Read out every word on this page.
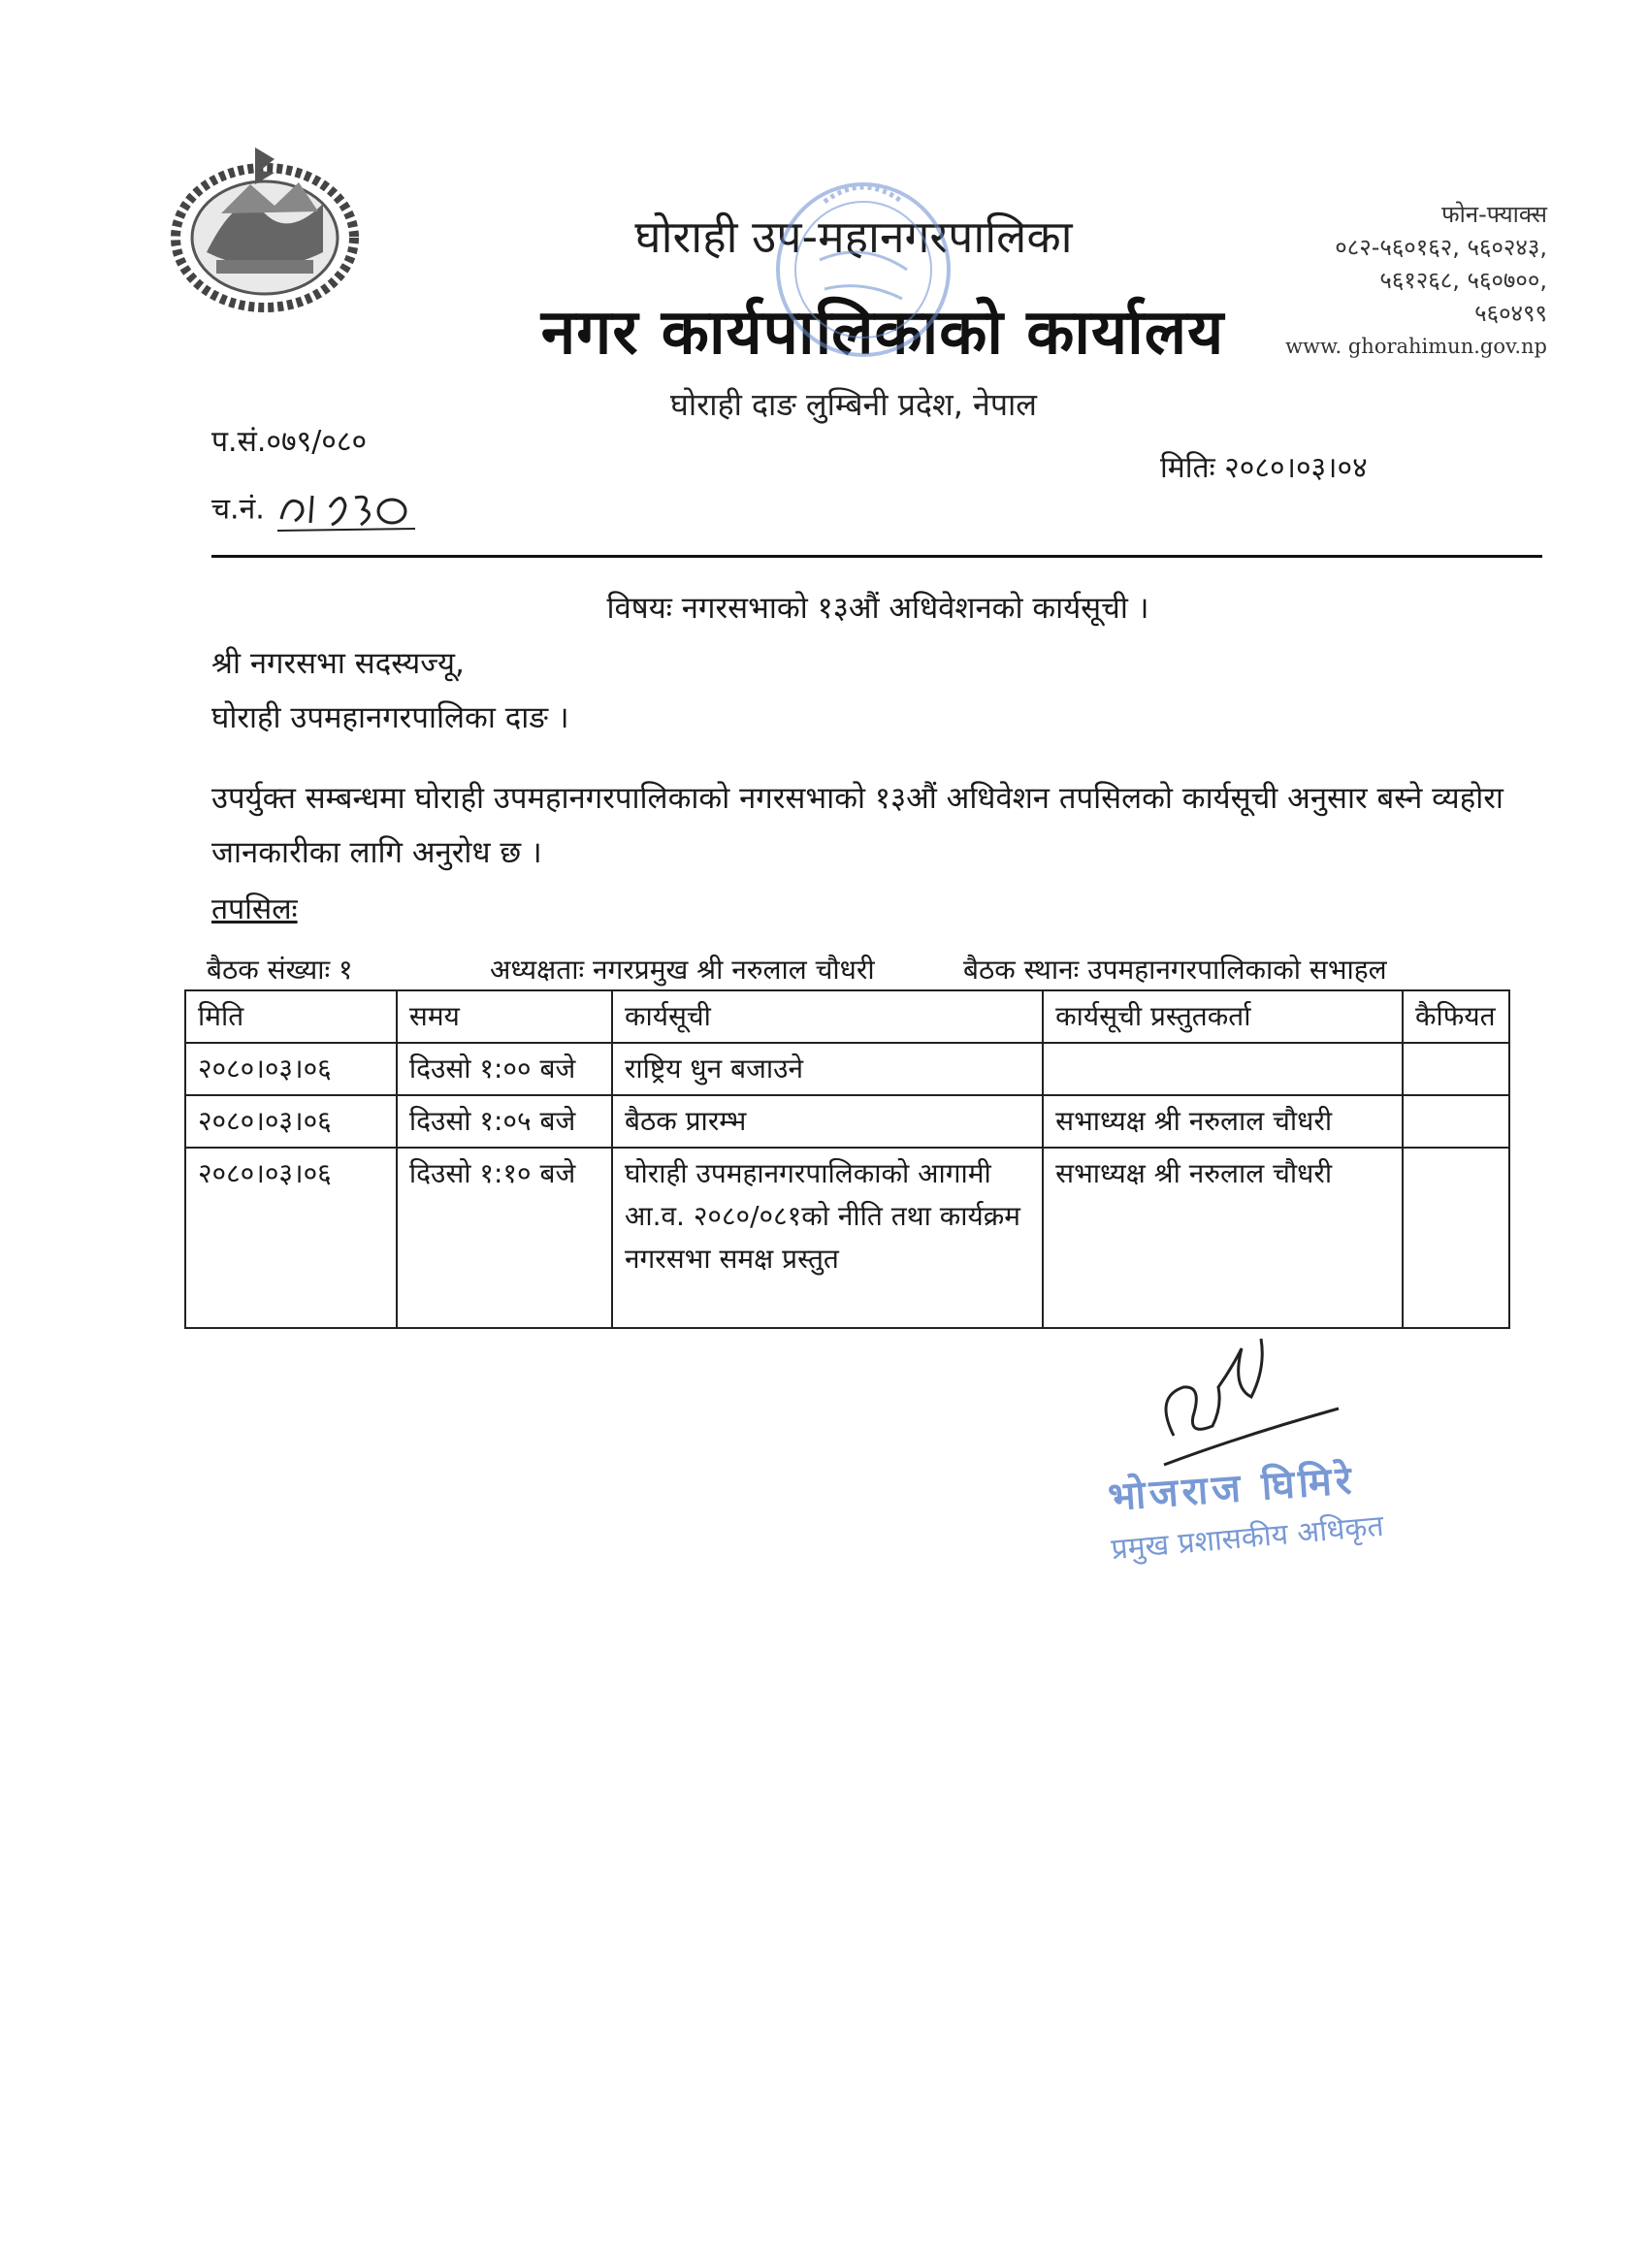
घोराही उप-महानगरपालिका
नगर कार्यपालिकाको कार्यालय
घोराही दाङ लुम्बिनी प्रदेश, नेपाल
फोन-फ्याक्स
०८२-५६०१६२, ५६०२४३,
५६१२६८, ५६०७००,
५६०४९९
www. ghorahimun.gov.np
प.सं.०७९/०८०
च.नं.
मितिः २०८०।०३।०४
विषयः नगरसभाको १३औं अधिवेशनको कार्यसूची ।
श्री नगरसभा सदस्यज्यू,
घोराही उपमहानगरपालिका दाङ ।
उपर्युक्त सम्बन्धमा घोराही उपमहानगरपालिकाको नगरसभाको १३औं अधिवेशन तपसिलको कार्यसूची अनुसार बस्ने व्यहोरा जानकारीका लागि अनुरोध छ ।
तपसिलः
बैठक संख्याः १	अध्यक्षताः नगरप्रमुख श्री नरुलाल चौधरी	बैठक स्थानः उपमहानगरपालिकाको सभाहल
मिति	समय	कार्यसूची	कार्यसूची प्रस्तुतकर्ता	कैफियत
२०८०।०३।०६	दिउसो १:०० बजे	राष्ट्रिय धुन बजाउने		
२०८०।०३।०६	दिउसो १:०५ बजे	बैठक प्रारम्भ	सभाध्यक्ष श्री नरुलाल चौधरी	
२०८०।०३।०६	दिउसो १:१० बजे	घोराही उपमहानगरपालिकाको आगामी आ.व. २०८०/०८१को नीति तथा कार्यक्रम नगरसभा समक्ष प्रस्तुत	सभाध्यक्ष श्री नरुलाल चौधरी	
भोजराज घिमिरे
प्रमुख प्रशासकीय अधिकृत
